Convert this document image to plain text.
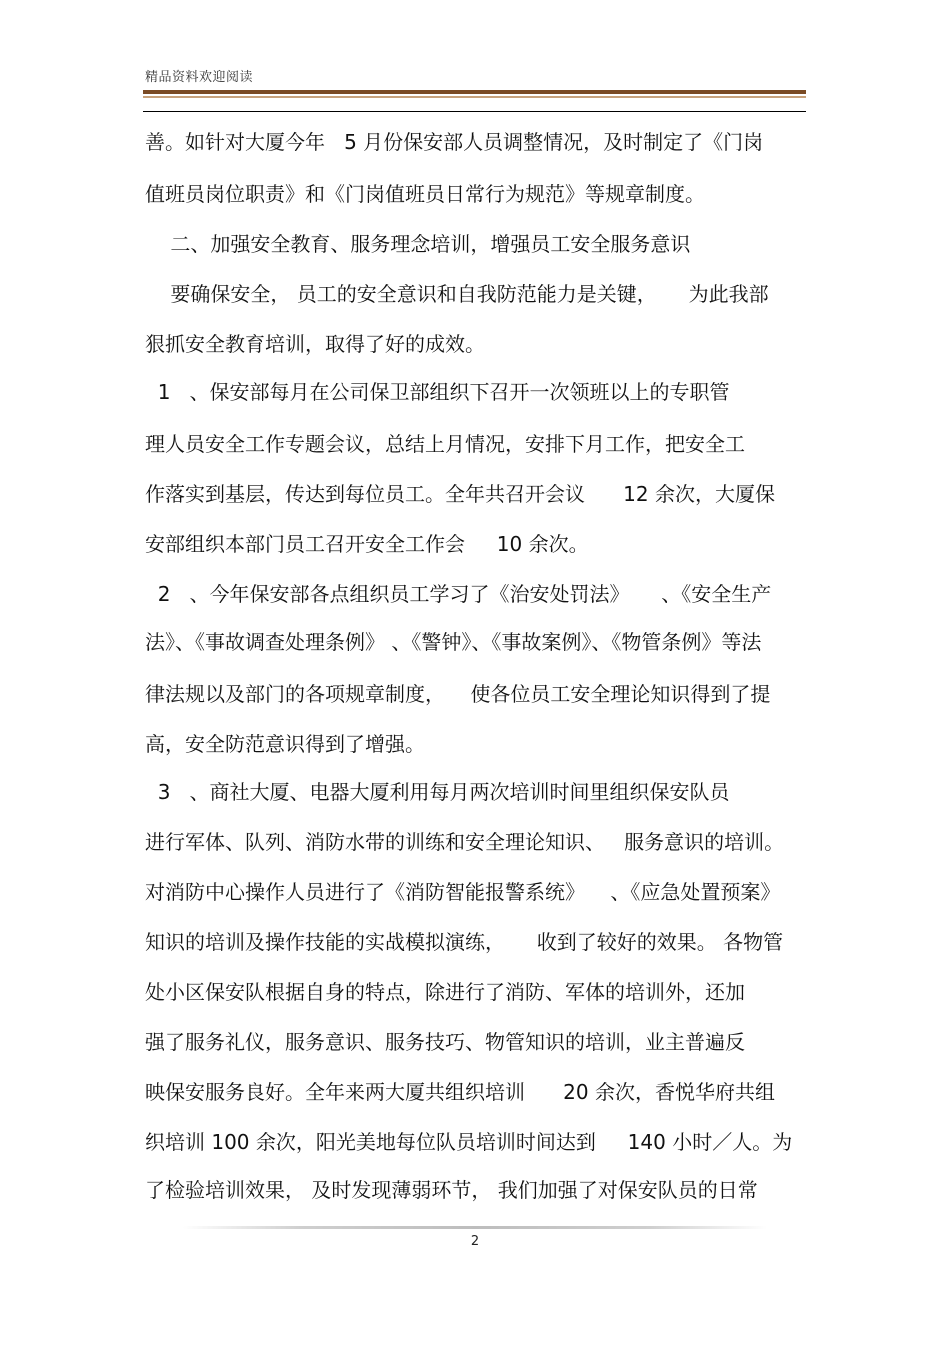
精品资料欢迎阅读
善。如针对大厦今年   5 月份保安部人员调整情况，及时制定了《门岗
值班员岗位职责》和《门岗值班员日常行为规范》等规章制度。
二、加强安全教育、服务理念培训，增强员工安全服务意识
要确保安全， 员工的安全意识和自我防范能力是关键，     为此我部
狠抓安全教育培训，取得了好的成效。
1   、保安部每月在公司保卫部组织下召开一次领班以上的专职管
理人员安全工作专题会议，总结上月情况，安排下月工作，把安全工
作落实到基层，传达到每位员工。全年共召开会议      12 余次，大厦保
安部组织本部门员工召开安全工作会     10 余次。
2   、今年保安部各点组织员工学习了《治安处罚法》     、《安全生产
法》、《事故调查处理条例》 、《警钟》、《事故案例》、《物管条例》等法
律法规以及部门的各项规章制度，    使各位员工安全理论知识得到了提
高，安全防范意识得到了增强。
3   、商社大厦、电器大厦利用每月两次培训时间里组织保安队员
进行军体、队列、消防水带的训练和安全理论知识、   服务意识的培训。
对消防中心操作人员进行了《消防智能报警系统》    、《应急处置预案》
知识的培训及操作技能的实战模拟演练，     收到了较好的效果。 各物管
处小区保安队根据自身的特点，除进行了消防、军体的培训外，还加
强了服务礼仪，服务意识、服务技巧、物管知识的培训，业主普遍反
映保安服务良好。全年来两大厦共组织培训      20 余次，香悦华府共组
织培训 100 余次，阳光美地每位队员培训时间达到     140 小时／人。为
了检验培训效果， 及时发现薄弱环节， 我们加强了对保安队员的日常
2
